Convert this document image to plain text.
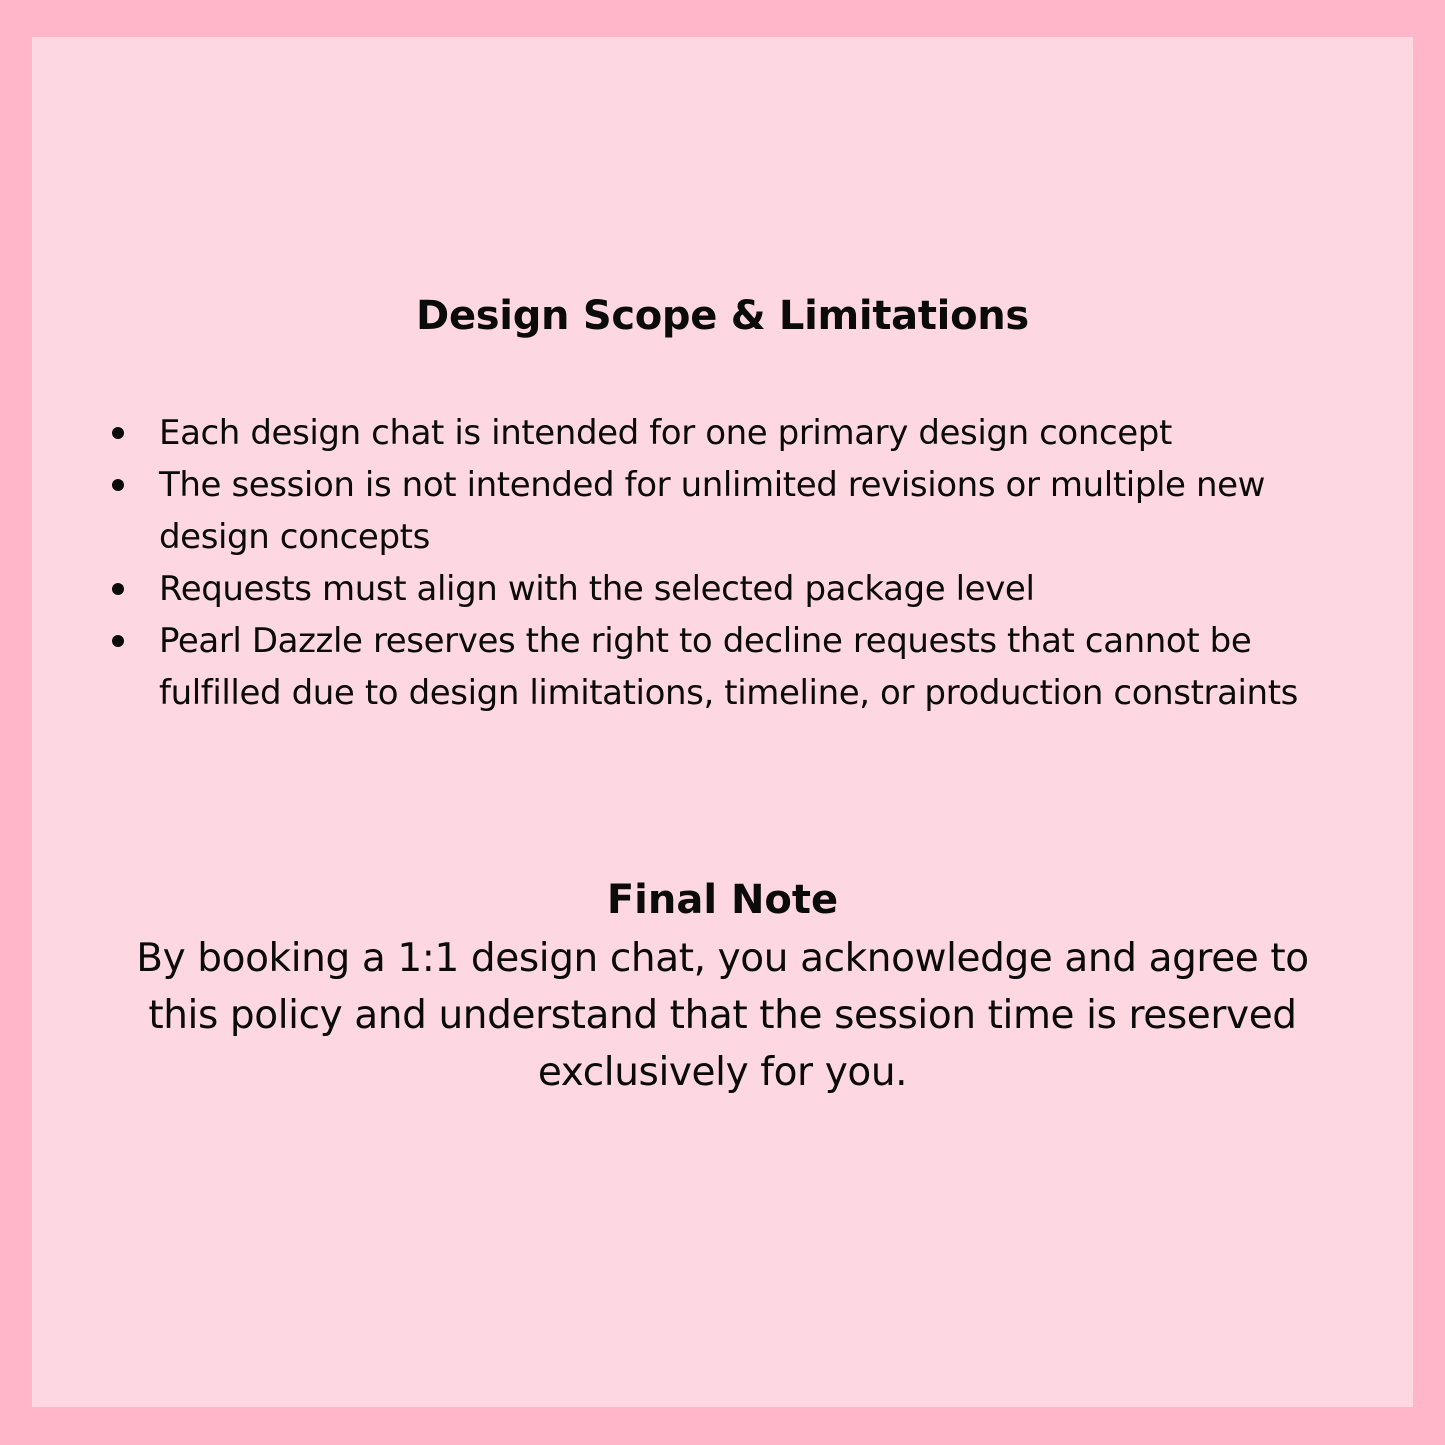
Design Scope & Limitations
Each design chat is intended for one primary design concept
The session is not intended for unlimited revisions or multiple new design concepts
Requests must align with the selected package level
Pearl Dazzle reserves the right to decline requests that cannot be fulfilled due to design limitations, timeline, or production constraints
Final Note

By booking a 1:1 design chat, you acknowledge and agree to this policy and understand that the session time is reserved exclusively for you.
